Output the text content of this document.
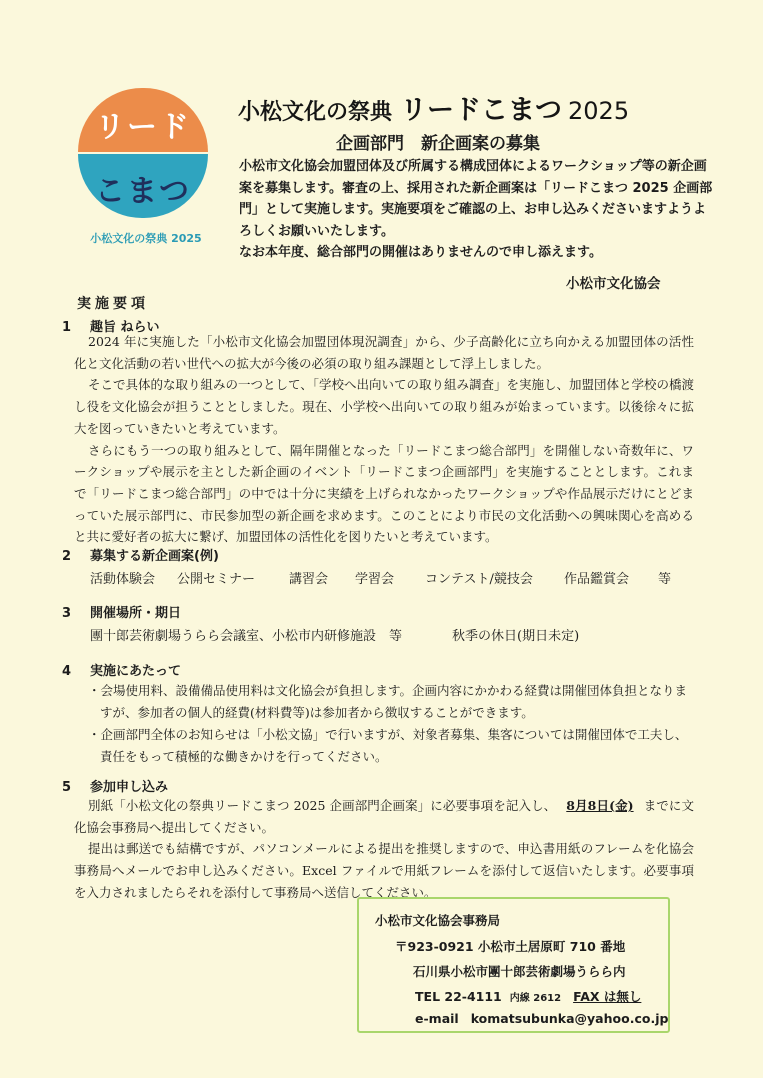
リード
こまつ
小松文化の祭典 2025
小松文化の祭典 リードこまつ 2025
企画部門　新企画案の募集

小松市文化協会加盟団体及び所属する構成団体によるワークショップ等の新企画案を募集します。審査の上、採用された新企画案は「リードこまつ 2025 企画部門」として実施します。実施要項をご確認の上、お申し込みくださいますようよろしくお願いいたします。

なお本年度、総合部門の開催はありませんので申し添えます。

小松市文化協会
実施要項
1 趣旨 ねらい

2024 年に実施した「小松市文化協会加盟団体現況調査」から、少子高齢化に立ち向かえる加盟団体の活性化と文化活動の若い世代への拡大が今後の必須の取り組み課題として浮上しました。

そこで具体的な取り組みの一つとして、「学校へ出向いての取り組み調査」を実施し、加盟団体と学校の橋渡し役を文化協会が担うこととしました。現在、小学校へ出向いての取り組みが始まっています。以後徐々に拡大を図っていきたいと考えています。

さらにもう一つの取り組みとして、隔年開催となった「リードこまつ総合部門」を開催しない奇数年に、ワークショップや展示を主とした新企画のイベント「リードこまつ企画部門」を実施することとします。これまで「リードこまつ総合部門」の中では十分に実績を上げられなかったワークショップや作品展示だけにとどまっていた展示部門に、市民参加型の新企画を求めます。このことにより市民の文化活動への興味関心を高めると共に愛好者の拡大に繋げ、加盟団体の活性化を図りたいと考えています。

2 募集する新企画案(例)
活動体験会 公開セミナー	講習会 学習会 コンテスト/競技会 作品鑑賞会 等
3 開催場所・期日
團十郎芸術劇場うらら会議室、小松市内研修施設　等	秋季の休日(期日未定)
4 実施にあたって
・会場使用料、設備備品使用料は文化協会が負担します。企画内容にかかわる経費は開催団体負担となりますが、参加者の個人的経費(材料費等)は参加者から徴収することができます。
・企画部門全体のお知らせは「小松文協」で行いますが、対象者募集、集客については開催団体で工夫し、責任をもって積極的な働きかけを行ってください。
5 参加申し込み

別紙「小松文化の祭典リードこまつ 2025 企画部門企画案」に必要事項を記入し、 8月8日(金) までに文化協会事務局へ提出してください。

提出は郵送でも結構ですが、パソコンメールによる提出を推奨しますので、申込書用紙のフレームを化協会事務局へメールでお申し込みください。Excel ファイルで用紙フレームを添付して返信いたします。必要事項を入力されましたらそれを添付して事務局へ送信してください。

小松市文化協会事務局
〒923-0921 小松市土居原町 710 番地
石川県小松市團十郎芸術劇場うらら内
TEL 22-4111 内線 2612 FAX は無し
e-mail komatsubunka@yahoo.co.jp
